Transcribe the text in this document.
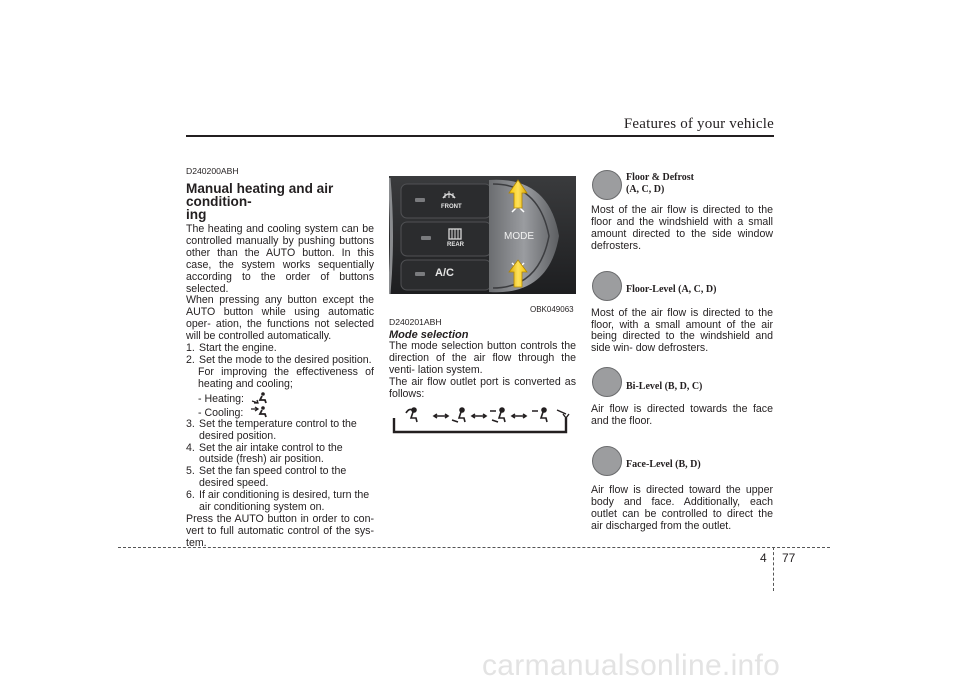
Features of your vehicle
D240200ABH
Manual heating and air condition-
ing
The heating and cooling system can be controlled manually by pushing buttons other than the AUTO button. In this case, the system works sequentially according to the order of buttons selected.
When pressing any button except the AUTO button while using automatic oper- ation, the functions not selected will be controlled automatically.
1. Start the engine.
2. Set the mode to the desired position.
For improving the effectiveness of heating and cooling;
- Heating:
- Cooling:
3. Set the temperature control to the desired position.
4. Set the air intake control to the outside (fresh) air position.
5. Set the fan speed control to the desired speed.
6. If air conditioning is desired, turn the air conditioning system on.
Press the AUTO button in order to con- vert to full automatic control of the sys- tem.
FRONT
REAR
A/C
MODE
OBK049063
D240201ABH
Mode selection
The mode selection button controls the direction of the air flow through the venti- lation system.
The air flow outlet port is converted as follows:
Floor & Defrost
(A, C, D)
Most of the air flow is directed to the floor and the windshield with a small amount directed to the side window defrosters.
Floor-Level (A, C, D)
Most of the air flow is directed to the floor, with a small amount of the air being directed to the windshield and side win- dow defrosters.
Bi-Level (B, D, C)
Air flow is directed towards the face and the floor.
Face-Level (B, D)
Air flow is directed toward the upper body and face. Additionally, each outlet can be controlled to direct the air discharged from the outlet.
4 77
carmanualsonline.info
